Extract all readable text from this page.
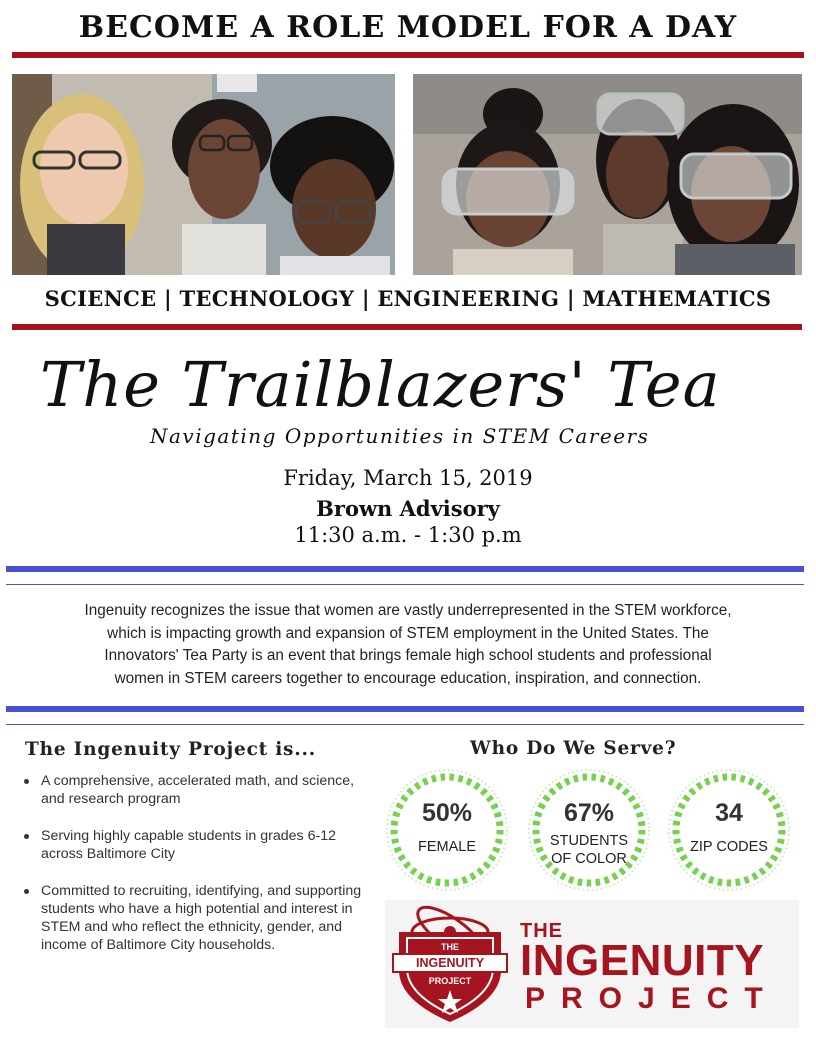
BECOME A ROLE MODEL FOR A DAY
SCIENCE | TECHNOLOGY | ENGINEERING | MATHEMATICS
The Trailblazers' Tea
Navigating Opportunities in STEM Careers
Friday, March 15, 2019
Brown Advisory
11:30 a.m. - 1:30 p.m
Ingenuity recognizes the issue that women are vastly underrepresented in the STEM workforce,
which is impacting growth and expansion of STEM employment in the United States. The
Innovators' Tea Party is an event that brings female high school students and professional
women in STEM careers together to encourage education, inspiration, and connection.
The Ingenuity Project is...
A comprehensive, accelerated math, and science, and research program
Serving highly capable students in grades 6-12 across Baltimore City
Committed to recruiting, identifying, and supporting students who have a high potential and interest in STEM and who reflect the ethnicity, gender, and income of Baltimore City households.
Who Do We Serve?
50%
FEMALE
67%
STUDENTS
OF COLOR
34
ZIP CODES
THE
INGENUITY
PROJECT
THE
INGENUITY
PROJECT
